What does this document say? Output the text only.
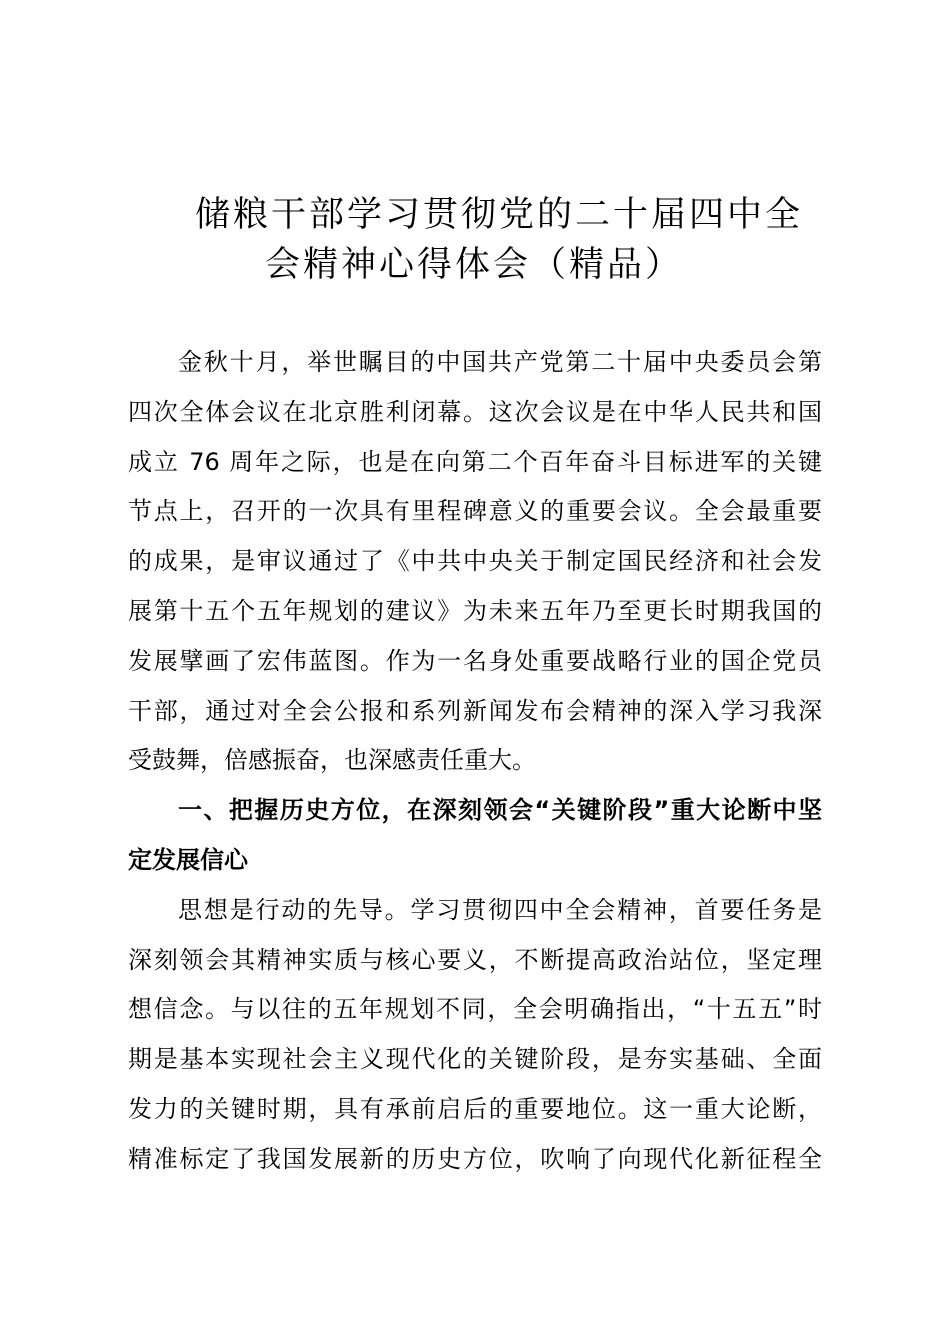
储粮干部学习贯彻党的二十届四中全
会精神心得体会（精品）
金秋十月，举世瞩目的中国共产党第二十届中央委员会第
四次全体会议在北京胜利闭幕。这次会议是在中华人民共和国
成立 76 周年之际，也是在向第二个百年奋斗目标进军的关键
节点上，召开的一次具有里程碑意义的重要会议。全会最重要
的成果，是审议通过了《中共中央关于制定国民经济和社会发
展第十五个五年规划的建议》为未来五年乃至更长时期我国的
发展擘画了宏伟蓝图。作为一名身处重要战略行业的国企党员
干部，通过对全会公报和系列新闻发布会精神的深入学习我深
受鼓舞，倍感振奋，也深感责任重大。
一、把握历史方位，在深刻领会“关键阶段”重大论断中坚
定发展信心
思想是行动的先导。学习贯彻四中全会精神，首要任务是
深刻领会其精神实质与核心要义，不断提高政治站位，坚定理
想信念。与以往的五年规划不同，全会明确指出，“十五五”时
期是基本实现社会主义现代化的关键阶段，是夯实基础、全面
发力的关键时期，具有承前启后的重要地位。这一重大论断，
精准标定了我国发展新的历史方位，吹响了向现代化新征程全
